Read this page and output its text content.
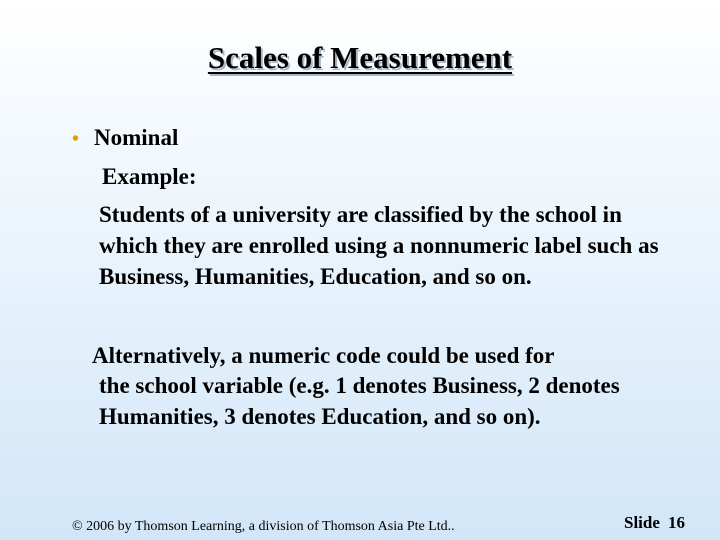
Scales of Measurement
• Nominal
Example:
Students of a university are classified by the school in which they are enrolled using a nonnumeric label such as Business, Humanities, Education, and so on.
Alternatively, a numeric code could be used for
the school variable (e.g. 1 denotes Business, 2 denotes Humanities, 3 denotes Education, and so on).
© 2006 by Thomson Learning, a division of Thomson Asia Pte Ltd..	Slide 16
